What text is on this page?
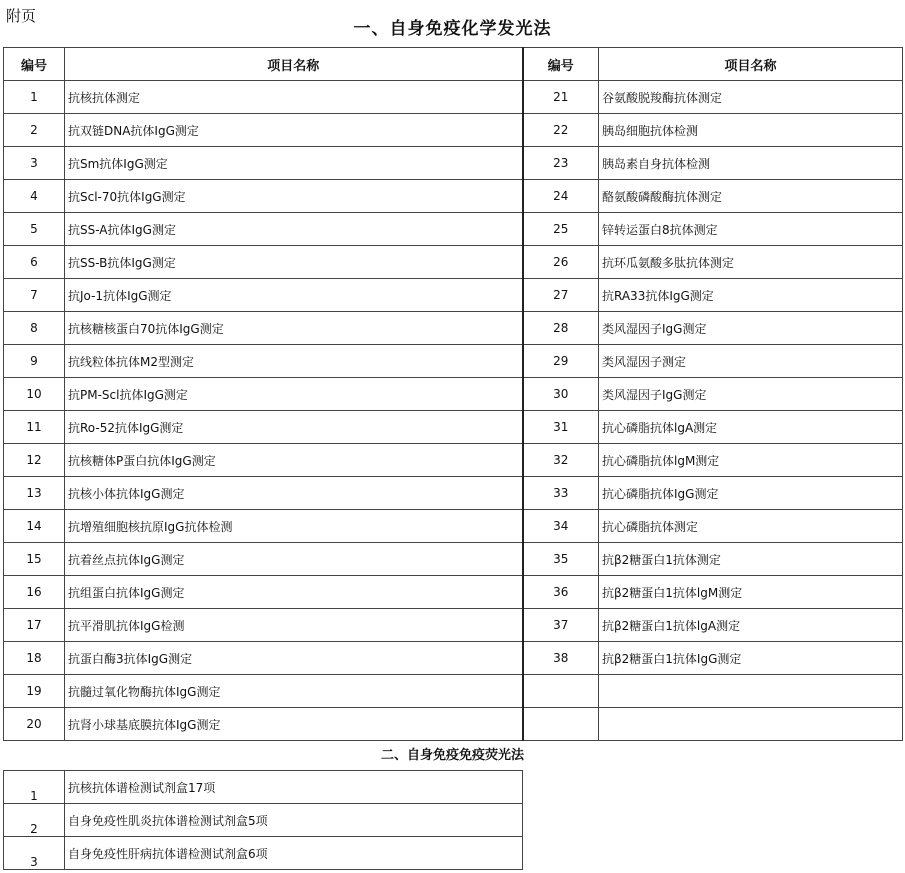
附页
一、自身免疫化学发光法
编号	项目名称	编号	项目名称
1	抗核抗体测定	21	谷氨酸脱羧酶抗体测定
2	抗双链DNA抗体IgG测定	22	胰岛细胞抗体检测
3	抗Sm抗体IgG测定	23	胰岛素自身抗体检测
4	抗Scl-70抗体IgG测定	24	酪氨酸磷酸酶抗体测定
5	抗SS-A抗体IgG测定	25	锌转运蛋白8抗体测定
6	抗SS-B抗体IgG测定	26	抗环瓜氨酸多肽抗体测定
7	抗Jo-1抗体IgG测定	27	抗RA33抗体IgG测定
8	抗核糖核蛋白70抗体IgG测定	28	类风湿因子IgG测定
9	抗线粒体抗体M2型测定	29	类风湿因子测定
10	抗PM-Scl抗体IgG测定	30	类风湿因子IgG测定
11	抗Ro-52抗体IgG测定	31	抗心磷脂抗体lgA测定
12	抗核糖体P蛋白抗体IgG测定	32	抗心磷脂抗体lgM测定
13	抗核小体抗体IgG测定	33	抗心磷脂抗体IgG测定
14	抗增殖细胞核抗原IgG抗体检测	34	抗心磷脂抗体测定
15	抗着丝点抗体IgG测定	35	抗β2糖蛋白1抗体测定
16	抗组蛋白抗体IgG测定	36	抗β2糖蛋白1抗体lgM测定
17	抗平滑肌抗体IgG检测	37	抗β2糖蛋白1抗体lgA测定
18	抗蛋白酶3抗体IgG测定	38	抗β2糖蛋白1抗体IgG测定
19	抗髓过氧化物酶抗体IgG测定		
20	抗肾小球基底膜抗体IgG测定		
二、自身免疫免疫荧光法
1	抗核抗体谱检测试剂盒17项
2	自身免疫性肌炎抗体谱检测试剂盒5项
3	自身免疫性肝病抗体谱检测试剂盒6项
